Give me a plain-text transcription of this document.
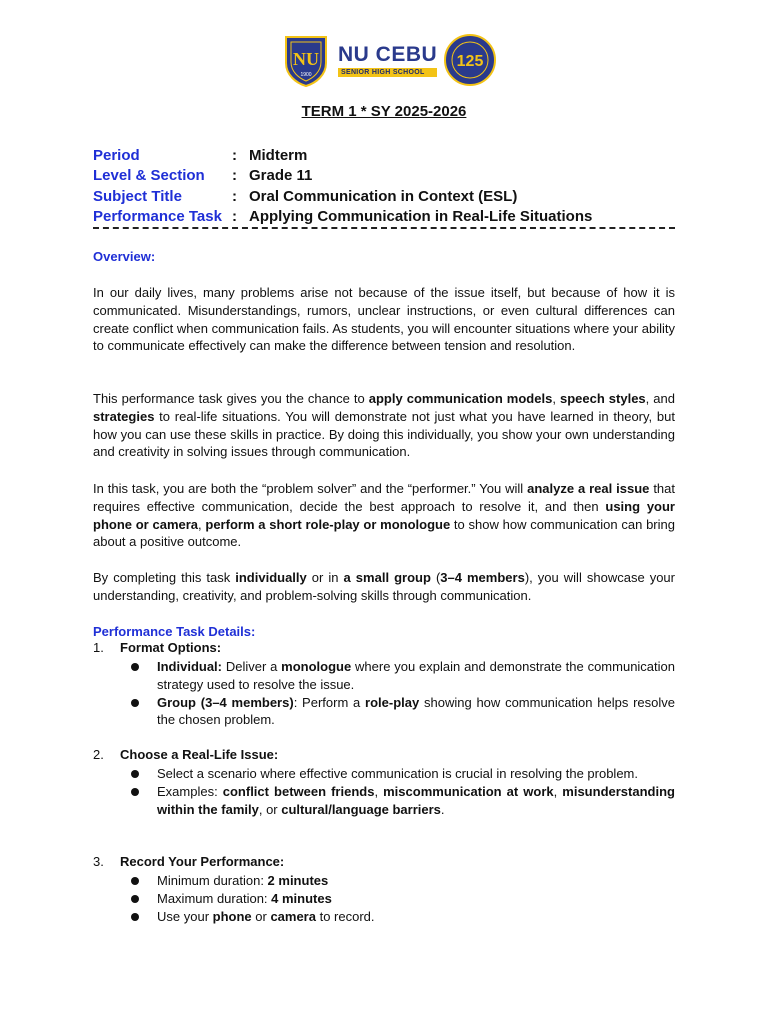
NU
1900
NU CEBU
SENIOR HIGH SCHOOL
125
TERM 1 * SY 2025-2026
Period	: Midterm
Level & Section	: Grade 11
Subject Title	: Oral Communication in Context (ESL)
Performance Task : Applying Communication in Real-Life Situations
Overview:
In our daily lives, many problems arise not because of the issue itself, but because of how it is communicated. Misunderstandings, rumors, unclear instructions, or even cultural differences can create conflict when communication fails. As students, you will encounter situations where your ability to communicate effectively can make the difference between tension and resolution.
This performance task gives you the chance to apply communication models, speech styles, and strategies to real-life situations. You will demonstrate not just what you have learned in theory, but how you can use these skills in practice. By doing this individually, you show your own understanding and creativity in solving issues through communication.
In this task, you are both the “problem solver” and the “performer.” You will analyze a real issue that requires effective communication, decide the best approach to resolve it, and then using your phone or camera, perform a short role-play or monologue to show how communication can bring about a positive outcome.
By completing this task individually or in a small group (3–4 members), you will showcase your understanding, creativity, and problem-solving skills through communication.
Performance Task Details:
1. Format Options:
Individual: Deliver a monologue where you explain and demonstrate the communication strategy used to resolve the issue.
Group (3–4 members): Perform a role-play showing how communication helps resolve the chosen problem.
2. Choose a Real-Life Issue:
Select a scenario where effective communication is crucial in resolving the problem.
Examples: conflict between friends, miscommunication at work, misunderstanding within the family, or cultural/language barriers.
3. Record Your Performance:
Minimum duration: 2 minutes
Maximum duration: 4 minutes
Use your phone or camera to record.
